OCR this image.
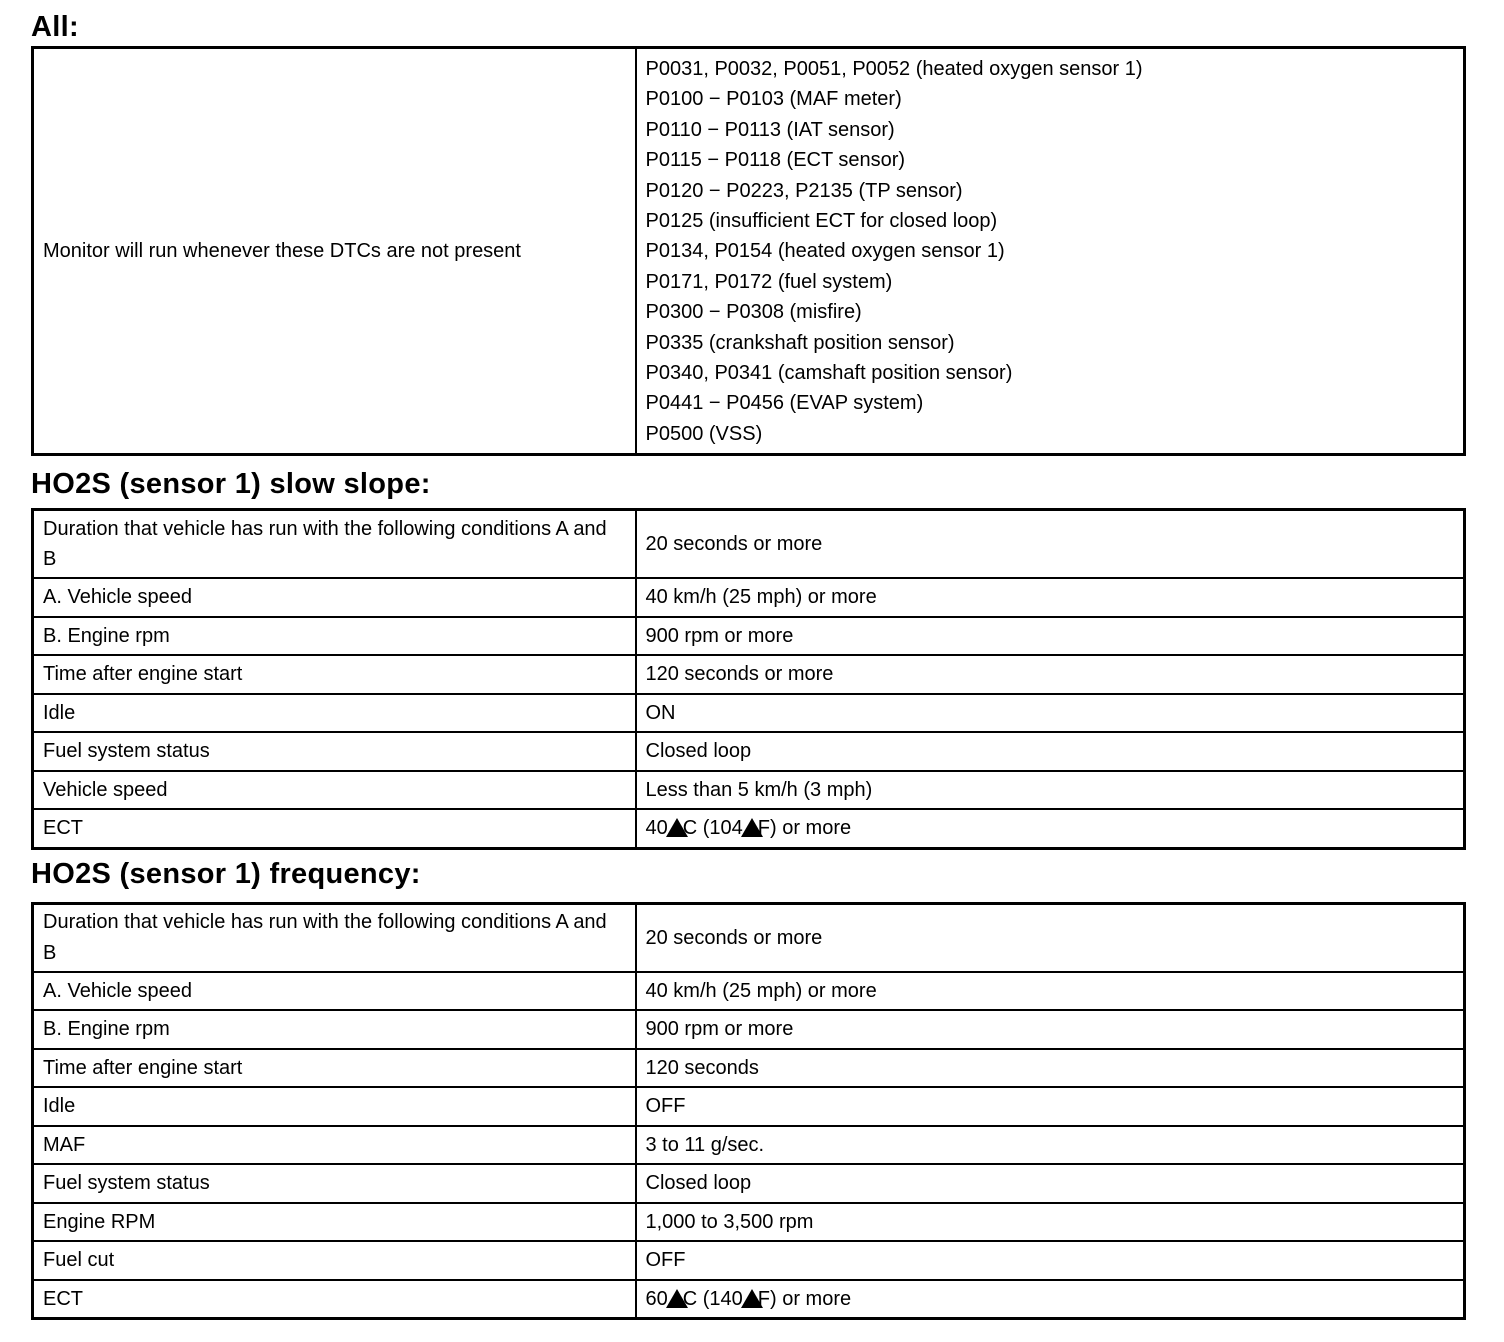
All:
Monitor will run whenever these DTCs are not present	
P0031, P0032, P0051, P0052 (heated oxygen sensor 1)
P0100 − P0103 (MAF meter)
P0110 − P0113 (IAT sensor)
P0115 − P0118 (ECT sensor)
P0120 − P0223, P2135 (TP sensor)
P0125 (insufficient ECT for closed loop)
P0134, P0154 (heated oxygen sensor 1)
P0171, P0172 (fuel system)
P0300 − P0308 (misfire)
P0335 (crankshaft position sensor)
P0340, P0341 (camshaft position sensor)
P0441 − P0456 (EVAP system)
P0500 (VSS)
HO2S (sensor 1) slow slope:
Duration that vehicle has run with the following conditions A and B	20 seconds or more
A. Vehicle speed	40 km/h (25 mph) or more
B. Engine rpm	900 rpm or more
Time after engine start	120 seconds or more
Idle	ON
Fuel system status	Closed loop
Vehicle speed	Less than 5 km/h (3 mph)
ECT	40 C (104 F) or more
HO2S (sensor 1) frequency:
Duration that vehicle has run with the following conditions A and B	20 seconds or more
A. Vehicle speed	40 km/h (25 mph) or more
B. Engine rpm	900 rpm or more
Time after engine start	120 seconds
Idle	OFF
MAF	3 to 11 g/sec.
Fuel system status	Closed loop
Engine RPM	1,000 to 3,500 rpm
Fuel cut	OFF
ECT	60 C (140 F) or more
